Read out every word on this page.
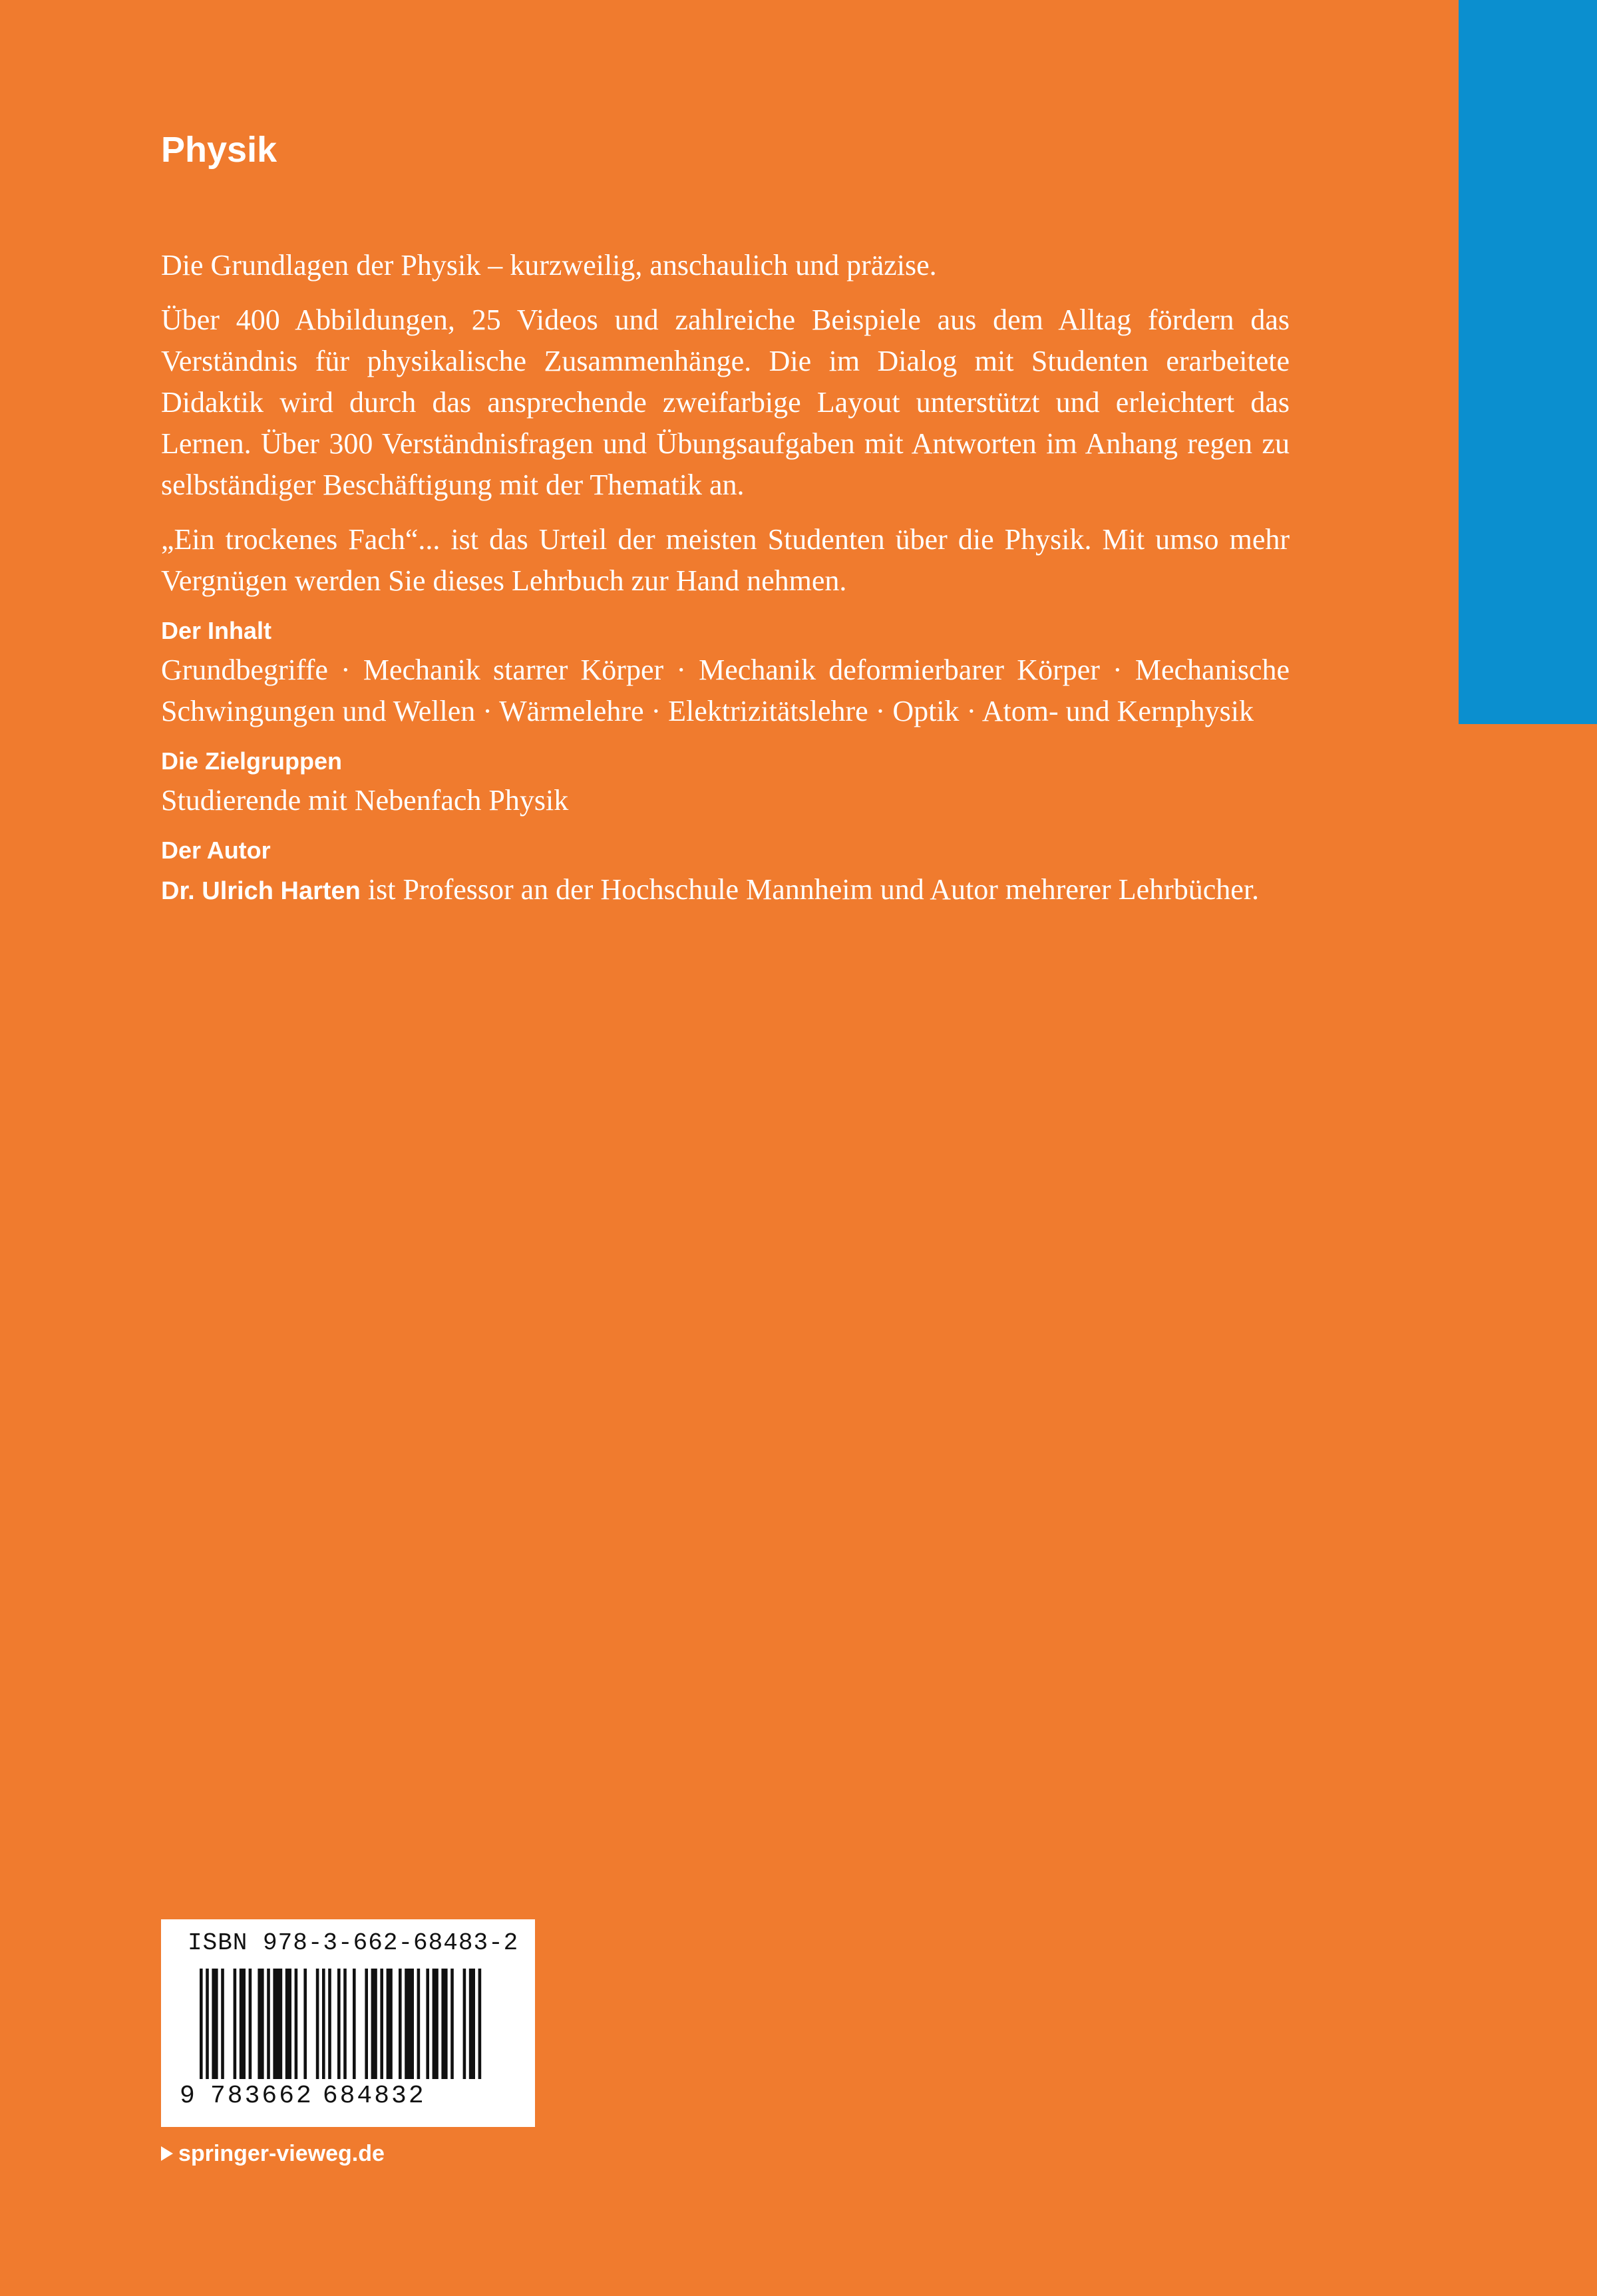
Physik

Die Grundlagen der Physik – kurzweilig, anschaulich und präzise.

Über 400 Abbildungen, 25 Videos und zahlreiche Beispiele aus dem Alltag fördern das Verständnis für physikalische Zusammenhänge. Die im Dialog mit Studenten erarbeitete Didaktik wird durch das ansprechende zweifarbige Layout unterstützt und erleichtert das Lernen. Über 300 Verständnisfragen und Übungsaufgaben mit Antworten im Anhang regen zu selbständiger Beschäftigung mit der Thematik an.

„Ein trockenes Fach“... ist das Urteil der meisten Studenten über die Physik. Mit umso mehr Vergnügen werden Sie dieses Lehrbuch zur Hand nehmen.

Der Inhalt

Grundbegriffe · Mechanik starrer Körper · Mechanik deformierbarer Körper · Mechanische Schwingungen und Wellen · Wärmelehre · Elektrizitätslehre · Optik · Atom- und Kernphysik

Die Zielgruppen

Studierende mit Nebenfach Physik

Der Autor

Dr. Ulrich Harten ist Professor an der Hochschule Mannheim und Autor mehrerer Lehrbücher.

ISBN 978-3-662-68483-2
9 783662 684832
springer-vieweg.de
